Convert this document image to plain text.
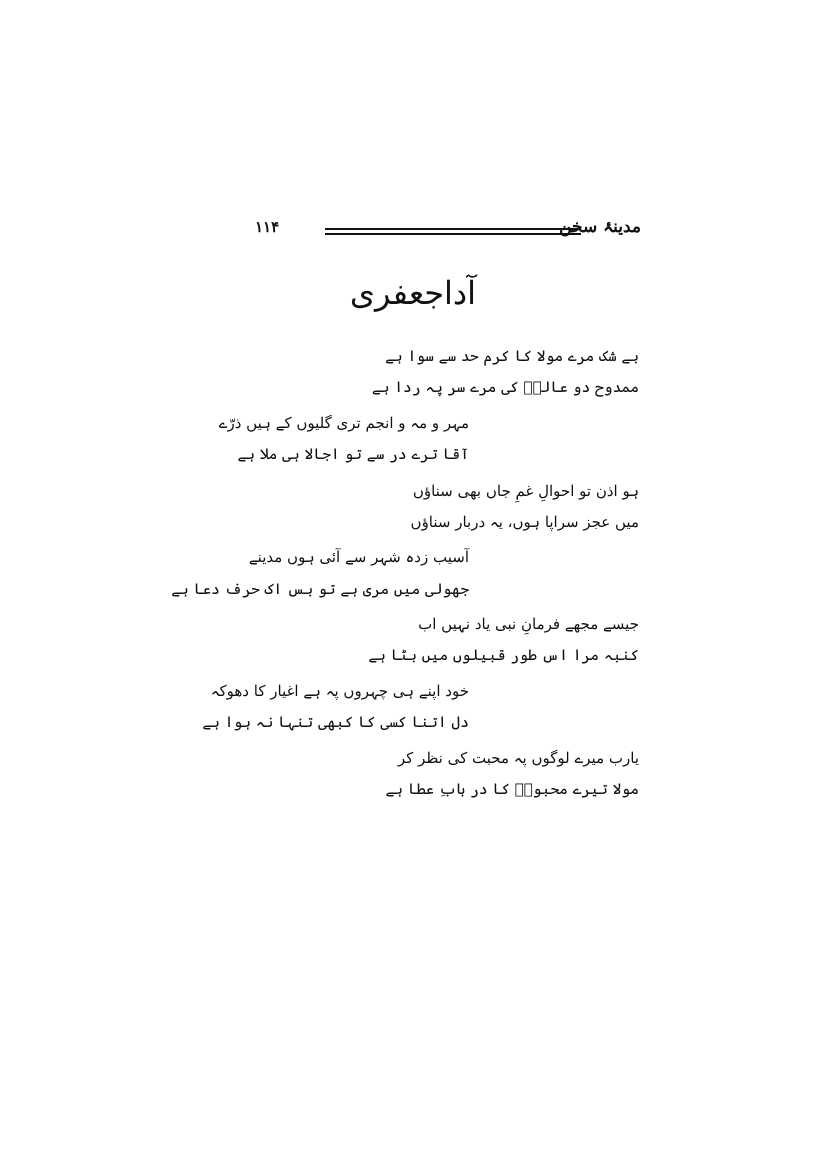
۱۱۴	مدینۂ سخن
آداجعفری
بے شک مرے مولا کا کرم حد سے سوا ہے
ممدوح دو عالمؐ کی مرے سر پہ ردا ہے
مہر و مہ و انجم تری گلیوں کے ہیں ذرّے
آقا ترے در سے تو اجالا ہی ملا ہے
ہو اذن تو احوالِ غمِ جاں بھی سناؤں
میں عجز سراپا ہوں، یہ دربار سناؤں
آسیب زدہ شہر سے آئی ہوں مدینے
جھولی میں مری ہے تو بس اک حرف دعا ہے
جیسے مجھے فرمانِ نبی یاد نہیں اب
کنبہ مرا اس طور قبیلوں میں بٹا ہے
خود اپنے ہی چہروں پہ ہے اغیار کا دھوکہ
دل اتنا کسی کا کبھی تنہا نہ ہوا ہے
یارب میرے لوگوں پہ محبت کی نظر کر
مولا تیرے محبوبؐ کا در بابِ عطا ہے
